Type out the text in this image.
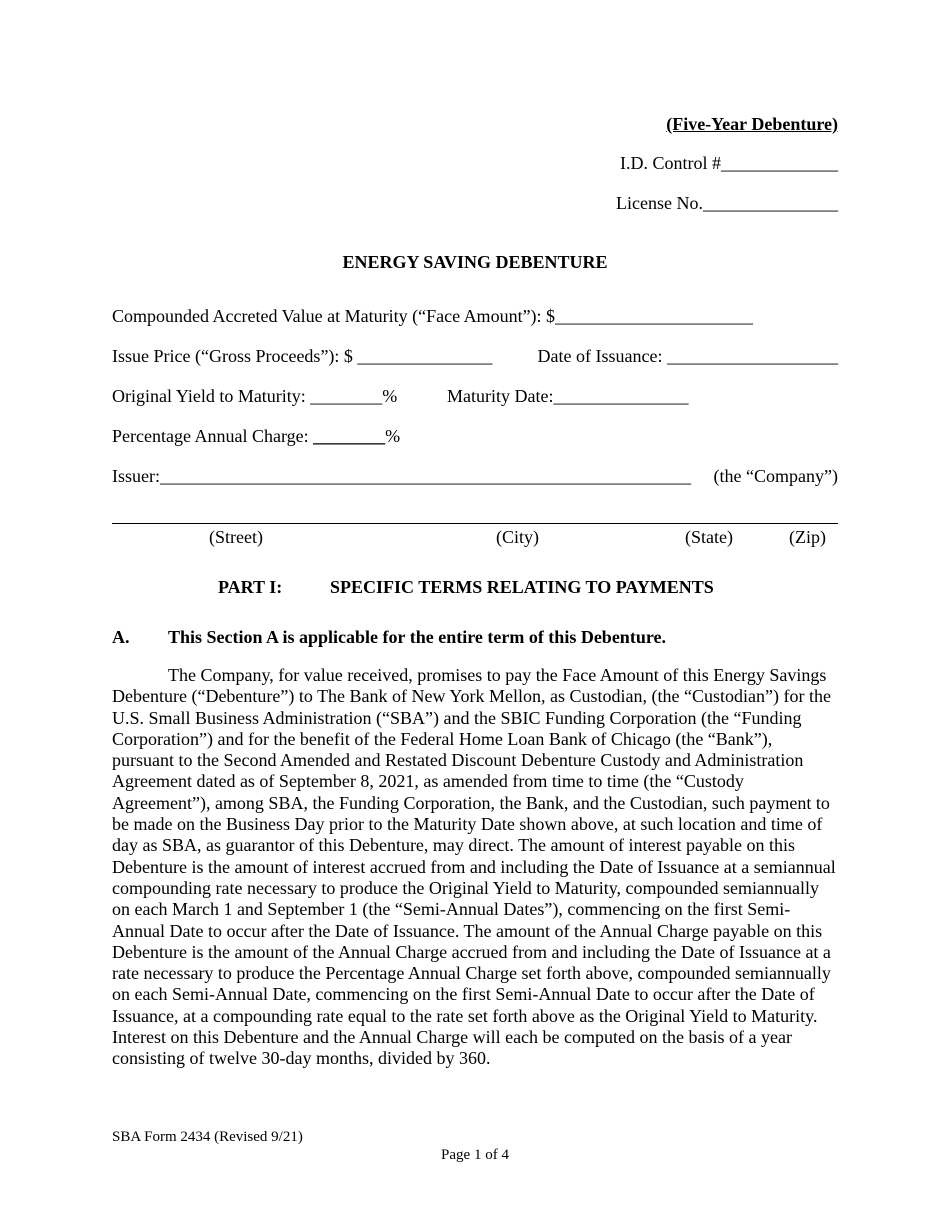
(Five-Year Debenture)
I.D. Control #_____________
License No._______________
ENERGY SAVING DEBENTURE
Compounded Accreted Value at Maturity (“Face Amount”): $______________________
Issue Price (“Gross Proceeds”): $ _______________	Date of Issuance: ___________________
Original Yield to Maturity: ________%	Maturity Date:_______________
Percentage Annual Charge: ________%
Issuer:___________________________________________________________ (the “Company”)
(Street)	(City)	(State)	(Zip)
PART I:	SPECIFIC TERMS RELATING TO PAYMENTS
A. This Section A is applicable for the entire term of this Debenture.
The Company, for value received, promises to pay the Face Amount of this Energy Savings Debenture (“Debenture”) to The Bank of New York Mellon, as Custodian, (the “Custodian”) for the U.S. Small Business Administration (“SBA”) and the SBIC Funding Corporation (the “Funding Corporation”) and for the benefit of the Federal Home Loan Bank of Chicago (the “Bank”), pursuant to the Second Amended and Restated Discount Debenture Custody and Administration Agreement dated as of September 8, 2021, as amended from time to time (the “Custody Agreement”), among SBA, the Funding Corporation, the Bank, and the Custodian, such payment to be made on the Business Day prior to the Maturity Date shown above, at such location and time of day as SBA, as guarantor of this Debenture, may direct. The amount of interest payable on this Debenture is the amount of interest accrued from and including the Date of Issuance at a semiannual compounding rate necessary to produce the Original Yield to Maturity, compounded semiannually on each March 1 and September 1 (the “Semi-Annual Dates”), commencing on the first Semi-Annual Date to occur after the Date of Issuance. The amount of the Annual Charge payable on this Debenture is the amount of the Annual Charge accrued from and including the Date of Issuance at a rate necessary to produce the Percentage Annual Charge set forth above, compounded semiannually on each Semi-Annual Date, commencing on the first Semi-Annual Date to occur after the Date of Issuance, at a compounding rate equal to the rate set forth above as the Original Yield to Maturity. Interest on this Debenture and the Annual Charge will each be computed on the basis of a year consisting of twelve 30-day months, divided by 360.
SBA Form 2434 (Revised 9/21)
Page 1 of 4
